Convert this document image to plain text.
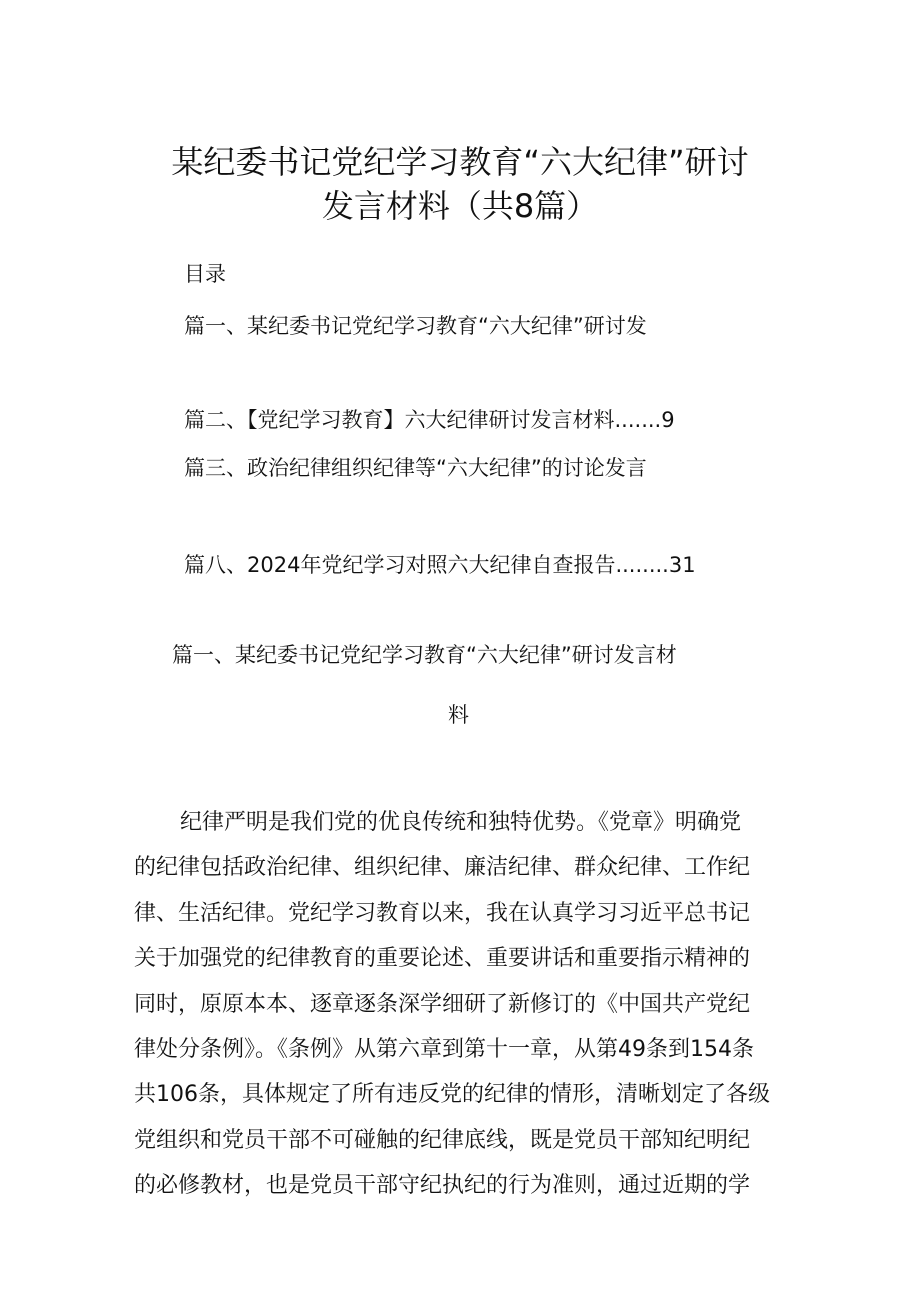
某纪委书记党纪学习教育“六大纪律”研讨
发言材料（共8篇）
目录
篇一、某纪委书记党纪学习教育“六大纪律”研讨发
篇二、【党纪学习教育】六大纪律研讨发言材料.......9
篇三、政治纪律组织纪律等“六大纪律”的讨论发言
篇八、2024年党纪学习对照六大纪律自查报告........31
篇一、某纪委书记党纪学习教育“六大纪律”研讨发言材
料
纪律严明是我们党的优良传统和独特优势。《党章》明确党
的纪律包括政治纪律、组织纪律、廉洁纪律、群众纪律、工作纪
律、生活纪律。党纪学习教育以来，我在认真学习习近平总书记
关于加强党的纪律教育的重要论述、重要讲话和重要指示精神的
同时，原原本本、逐章逐条深学细研了新修订的《中国共产党纪
律处分条例》。《条例》从第六章到第十一章，从第49条到154条
共106条，具体规定了所有违反党的纪律的情形，清晰划定了各级
党组织和党员干部不可碰触的纪律底线，既是党员干部知纪明纪
的必修教材，也是党员干部守纪执纪的行为准则，通过近期的学
